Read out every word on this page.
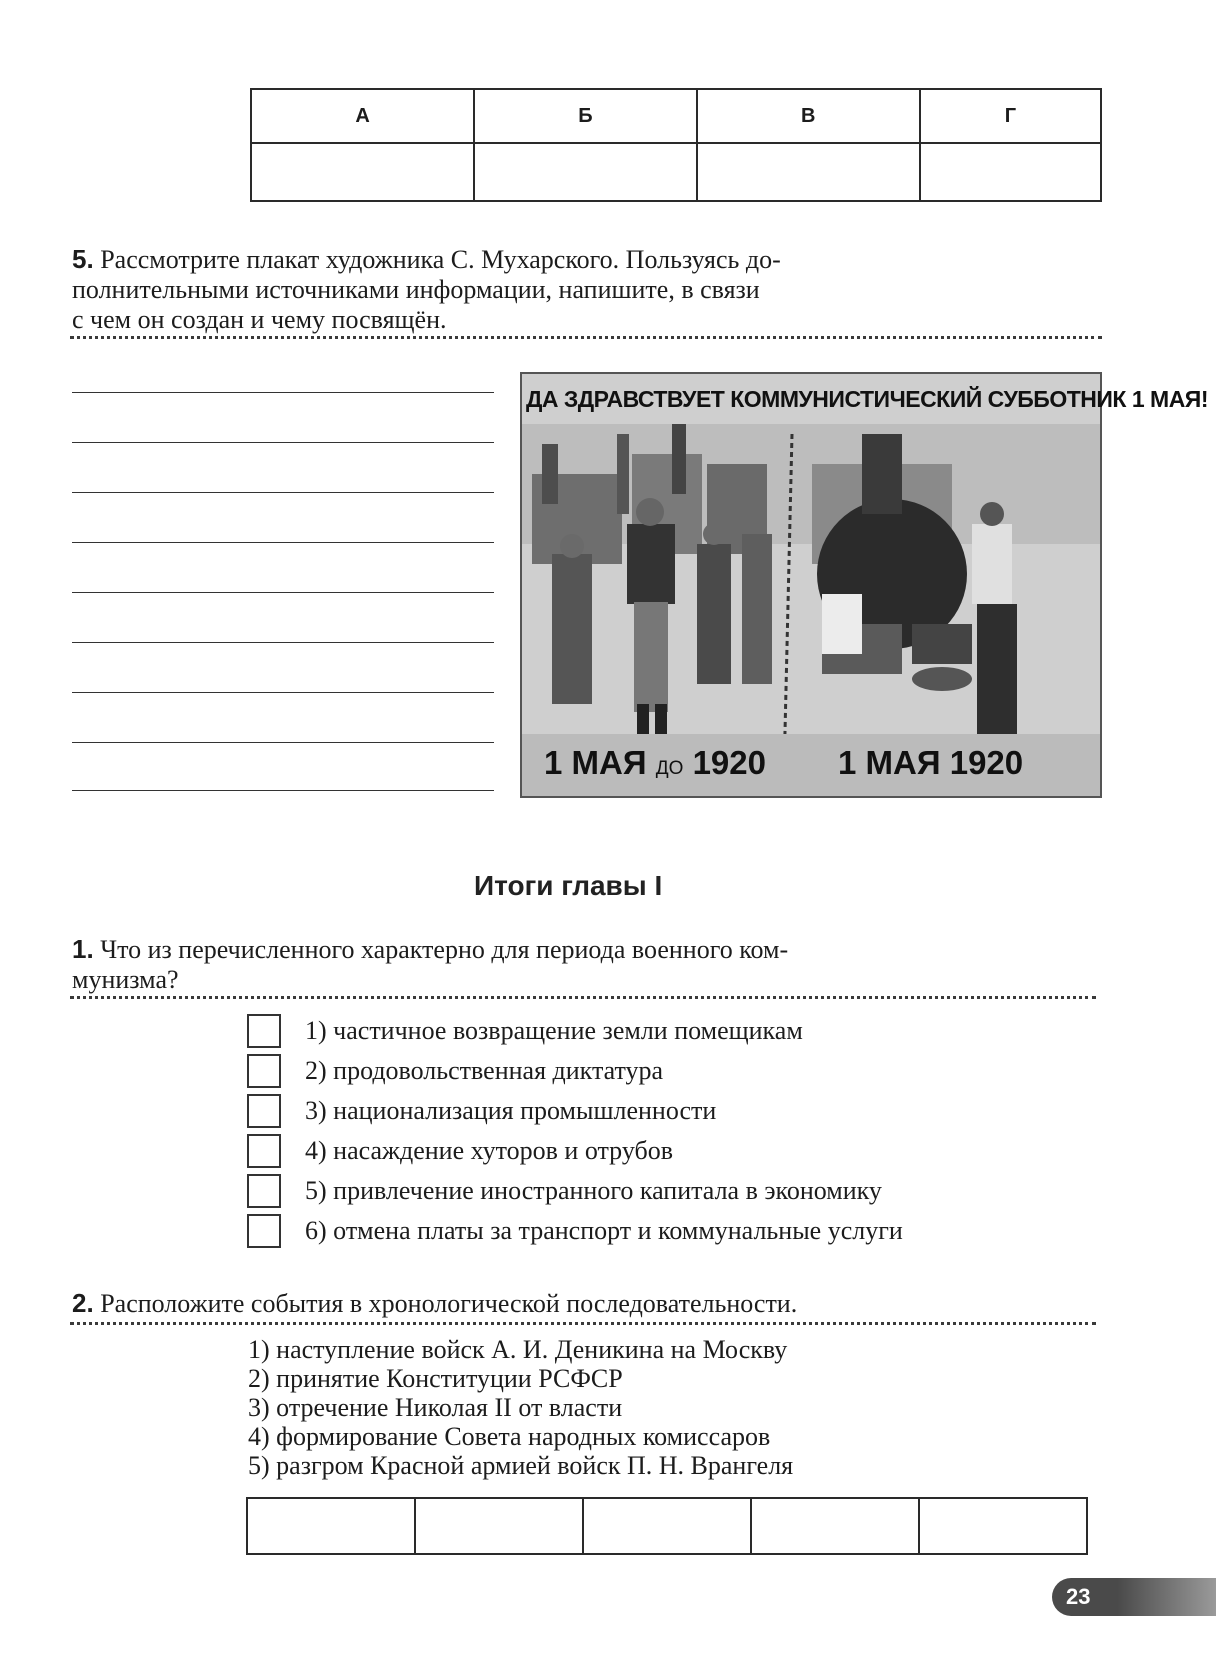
А	Б	В	Г

5. Рассмотрите плакат художника С. Мухарского. Пользуясь до-
полнительными источниками информации, напишите, в связи
с чем он создан и чему посвящён.
ДА ЗДРАВСТВУЕТ КОММУНИСТИЧЕСКИЙ СУББОТНИК 1 МАЯ!
1 МАЯ ДО 1920 1 МАЯ 1920
Итоги главы I
1. Что из перечисленного характерно для периода военного ком-
мунизма?
1) частичное возвращение земли помещикам
2) продовольственная диктатура
3) национализация промышленности
4) насаждение хуторов и отрубов
5) привлечение иностранного капитала в экономику
6) отмена платы за транспорт и коммунальные услуги
2. Расположите события в хронологической последовательности.
1) наступление войск А. И. Деникина на Москву
2) принятие Конституции РСФСР
3) отречение Николая II от власти
4) формирование Совета народных комиссаров
5) разгром Красной армией войск П. Н. Врангеля

23
